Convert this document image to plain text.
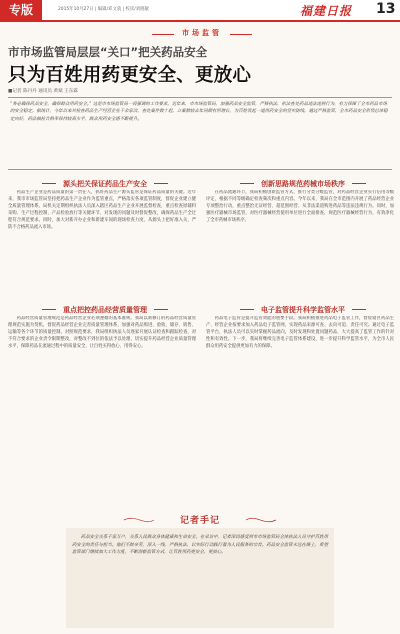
专版	2015年10月27日 | 编辑/邓文骁 | 校读/刘晓敏	福建日报 13
市场监管
市市场监管局层层“关口”把关药品安全
只为百姓用药更安全、更放心
■记者 陈丹丹 通讯员 黄斌 王东霖
“务必确保药品安全，确保群众用药安全。” 这是市市场监管局一再强调的工作要求。近年来，市市场监管局，加强药品安全监管，严格执法，依法查处药品违法违规行为，有力保障了全市药品市场的安全稳定。据统计，今年以来共检查药品生产经营企业千余家次，查处案件数十起，立案数较去年同期有所增长，为百姓筑起一道用药安全的坚实防线。通过严格监管，全市药品安全形势总体稳定向好，药品抽检合格率保持较高水平，群众用药安全感不断提升。
源头把关保证药品生产安全
药品生产企业是药品质量的第一责任人，抓好药品生产源头监管是保证药品质量的关键。近年来，我市市场监管局坚持把药品生产企业作为监管重点，严格落实各项监管制度，督促企业建立健全质量管理体系。局机关定期组织执法人员深入辖区药品生产企业开展监督检查，重点检查原辅料采购、生产过程控制、产品检验放行等关键环节，对发现的问题及时督促整改，确保药品生产全过程符合规范要求。同时，加大对新开办企业和新建车间的现场检查力度，从源头上把好准入关，严防不合格药品流入市场。
创新思路规范药械市场秩序
在药品流通环节，我局积极创新监管方式，推行分类分级监管，对药品经营企业实行信用等级评定，根据不同等级确定检查频次和重点内容。今年以来，我局在全市范围内开展了药品经营企业专项整治行动，重点整治无证经营、超范围经营、从非法渠道购进药品等违法违规行为。同时，加强医疗器械市场监管，对医疗器械经营使用单位进行全面排查，规范医疗器械经营行为，有效净化了全市药械市场秩序。
重点把控药品经营质量管理
药品经营质量管理规范是药品经营企业必须遵循的基本准则。我局以新修订的药品经营质量管理规范实施为契机，督促药品经营企业完善质量管理体系，加强对药品购进、验收、储存、销售、运输等各个环节的质量控制。对照规范要求，我局组织执法人员逐家开展认证检查和跟踪检查，对不符合要求的企业责令限期整改，对整改不到位的依法予以处理，切实提升药品经营企业质量管理水平，保障药品在流通过程中的质量安全，让百姓买得放心、用得安心。
电子监管提升科学监管水平
药品电子监管是提升监管效能的重要手段。我局积极推进药品电子监管工作，督促辖区药品生产、经营企业按要求加入药品电子监管网，实现药品来源可查、去向可追、责任可究。通过电子监管平台，执法人员可以实时掌握药品流向，及时发现和处置问题药品，大大提高了监管工作的针对性和有效性。下一步，我局将继续完善电子监管体系建设，进一步提升科学监管水平，为全市人民群众用药安全提供更加有力的保障。
记者手记
药品安全关系千家万户，关系人民群众身体健康和生命安全。在采访中，记者深切感受到市市场监管局全体执法人员守护百姓用药安全的责任与担当。他们不辞辛劳，深入一线，严格执法，以实际行动践行着为人民服务的宗旨。药品安全监管永远在路上，希望监管部门继续加大工作力度，不断创新监管方式，让百姓用药更安全、更放心。
